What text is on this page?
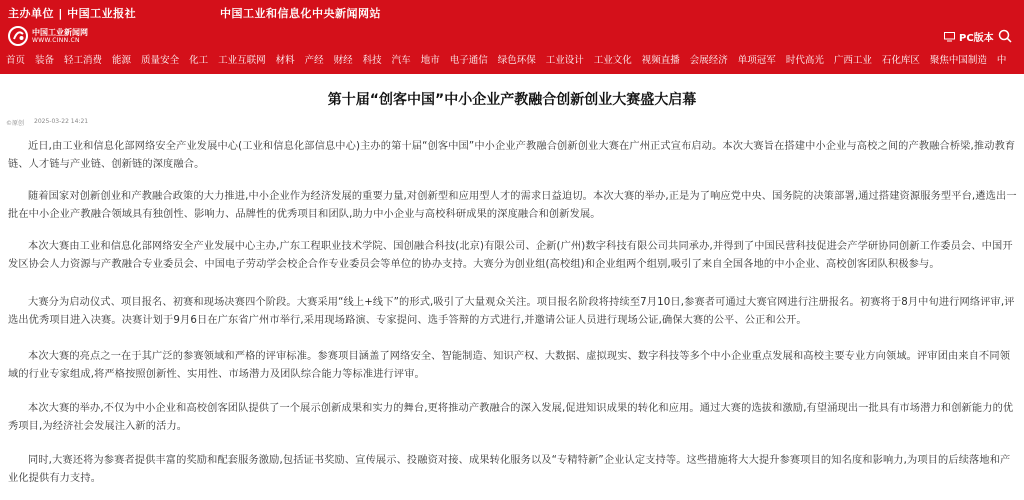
主办单位 | 中国工业报社	中国工业和信息化中央新闻网站
中国工业新闻网
WWW.CINN.CN	PC版本
首页	装备	轻工消费	能源	质量安全	化工	工业互联网	材料	产经	财经	科技	汽车	地市	电子通信	绿色环保	工业设计	工业文化	视频直播	会展经济	单项冠军	时代高光	广西工业	石化库区	聚焦中国制造	中
第十届“创客中国”中小企业产教融合创新创业大赛盛大启幕
©原创 2025-03-22 14:21

近日,由工业和信息化部网络安全产业发展中心(工业和信息化部信息中心)主办的第十届“创客中国”中小企业产教融合创新创业大赛在广州正式宣布启动。本次大赛旨在搭建中小企业与高校之间的产教融合桥梁,推动教育链、人才链与产业链、创新链的深度融合。

随着国家对创新创业和产教融合政策的大力推进,中小企业作为经济发展的重要力量,对创新型和应用型人才的需求日益迫切。本次大赛的举办,正是为了响应党中央、国务院的决策部署,通过搭建资源服务型平台,遴选出一批在中小企业产教融合领域具有独创性、影响力、品牌性的优秀项目和团队,助力中小企业与高校科研成果的深度融合和创新发展。

本次大赛由工业和信息化部网络安全产业发展中心主办,广东工程职业技术学院、国创融合科技(北京)有限公司、企新(广州)数字科技有限公司共同承办,并得到了中国民营科技促进会产学研协同创新工作委员会、中国开发区协会人力资源与产教融合专业委员会、中国电子劳动学会校企合作专业委员会等单位的协办支持。大赛分为创业组(高校组)和企业组两个组别,吸引了来自全国各地的中小企业、高校创客团队积极参与。

大赛分为启动仪式、项目报名、初赛和现场决赛四个阶段。大赛采用“线上+线下”的形式,吸引了大量观众关注。项目报名阶段将持续至7月10日,参赛者可通过大赛官网进行注册报名。初赛将于8月中旬进行网络评审,评选出优秀项目进入决赛。决赛计划于9月6日在广东省广州市举行,采用现场路演、专家提问、选手答辩的方式进行,并邀请公证人员进行现场公证,确保大赛的公平、公正和公开。

本次大赛的亮点之一在于其广泛的参赛领域和严格的评审标准。参赛项目涵盖了网络安全、智能制造、知识产权、大数据、虚拟现实、数字科技等多个中小企业重点发展和高校主要专业方向领域。评审团由来自不同领域的行业专家组成,将严格按照创新性、实用性、市场潜力及团队综合能力等标准进行评审。

本次大赛的举办,不仅为中小企业和高校创客团队提供了一个展示创新成果和实力的舞台,更将推动产教融合的深入发展,促进知识成果的转化和应用。通过大赛的选拔和激励,有望涌现出一批具有市场潜力和创新能力的优秀项目,为经济社会发展注入新的活力。

同时,大赛还将为参赛者提供丰富的奖励和配套服务激励,包括证书奖励、宣传展示、投融资对接、成果转化服务以及“专精特新”企业认定支持等。这些措施将大大提升参赛项目的知名度和影响力,为项目的后续落地和产业化提供有力支持。
